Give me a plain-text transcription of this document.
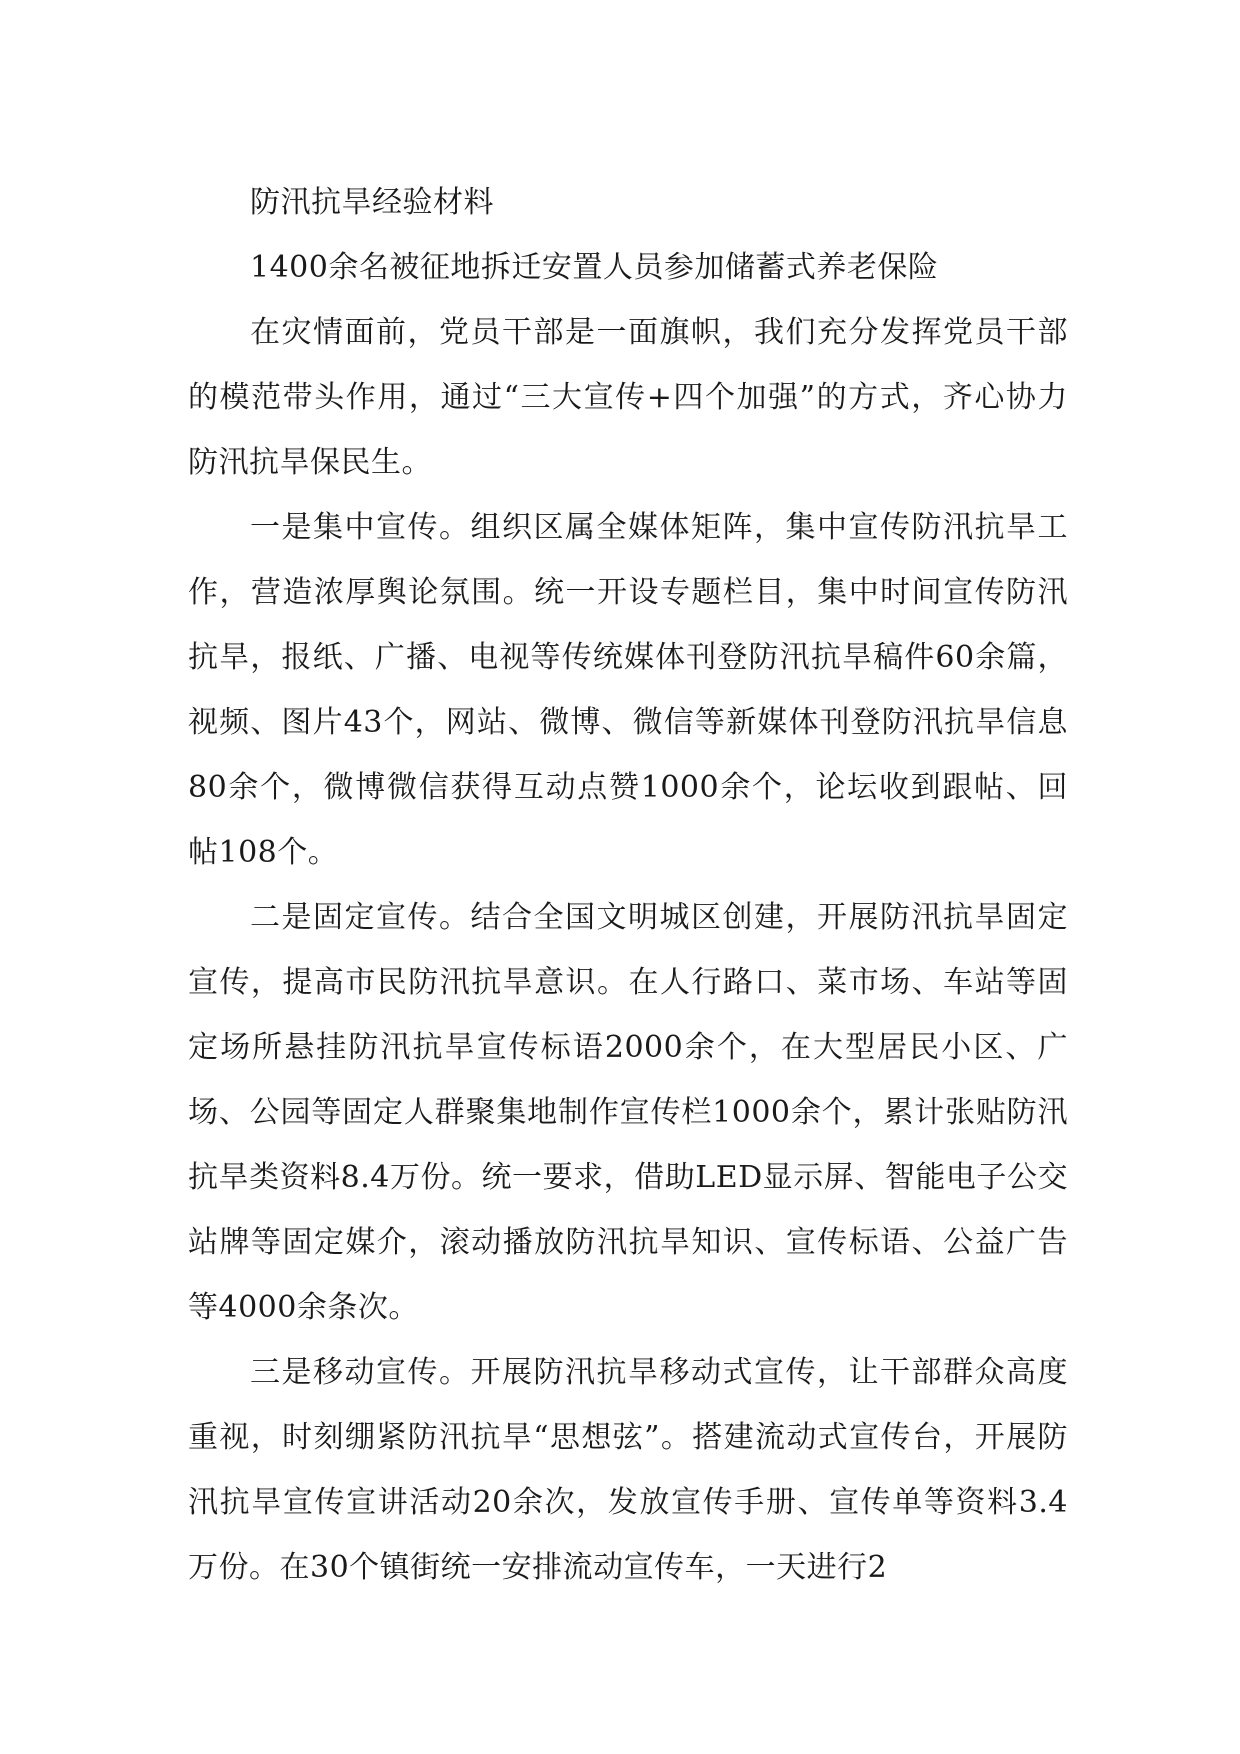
防汛抗旱经验材料

1400余名被征地拆迁安置人员参加储蓄式养老保险

在灾情面前，党员干部是一面旗帜，我们充分发挥党员干部的模范带头作用，通过“三大宣传+四个加强”的方式，齐心协力防汛抗旱保民生。

一是集中宣传。组织区属全媒体矩阵，集中宣传防汛抗旱工作，营造浓厚舆论氛围。统一开设专题栏目，集中时间宣传防汛抗旱，报纸、广播、电视等传统媒体刊登防汛抗旱稿件60余篇，视频、图片43个，网站、微博、微信等新媒体刊登防汛抗旱信息80余个，微博微信获得互动点赞1000余个，论坛收到跟帖、回帖108个。

二是固定宣传。结合全国文明城区创建，开展防汛抗旱固定宣传，提高市民防汛抗旱意识。在人行路口、菜市场、车站等固定场所悬挂防汛抗旱宣传标语2000余个，在大型居民小区、广场、公园等固定人群聚集地制作宣传栏1000余个，累计张贴防汛抗旱类资料8.4万份。统一要求，借助LED显示屏、智能电子公交站牌等固定媒介，滚动播放防汛抗旱知识、宣传标语、公益广告等4000余条次。

三是移动宣传。开展防汛抗旱移动式宣传，让干部群众高度重视，时刻绷紧防汛抗旱“思想弦”。搭建流动式宣传台，开展防汛抗旱宣传宣讲活动20余次，发放宣传手册、宣传单等资料3.4万份。在30个镇街统一安排流动宣传车，一天进行2
